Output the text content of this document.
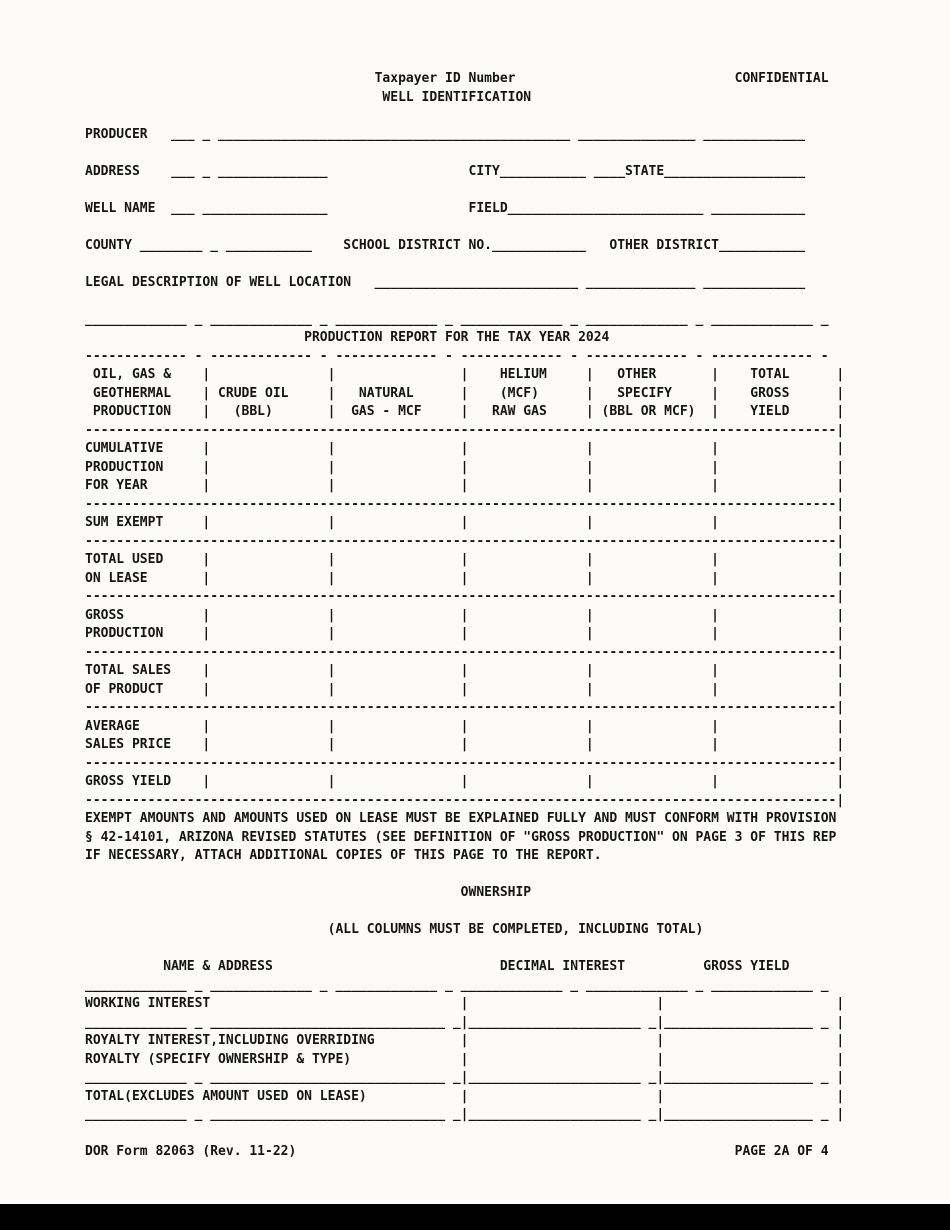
Taxpayer ID Number                            CONFIDENTIAL
WELL IDENTIFICATION
PRODUCER   ___ _ _____________________________________________ _______________ _____________
ADDRESS    ___ _ ______________                  CITY___________ ____STATE__________________
WELL NAME  ___ ________________                  FIELD_________________________ ____________
COUNTY ________ _ ___________    SCHOOL DISTRICT NO.____________   OTHER DISTRICT___________
LEGAL DESCRIPTION OF WELL LOCATION   __________________________ ______________ _____________
_____________ _ _____________ _ _____________ _ _____________ _ _____________ _ _____________ _
PRODUCTION REPORT FOR THE TAX YEAR 2024
------------- - ------------- - ------------- - ------------- - ------------- - ------------- -
OIL, GAS &    |               |                |    HELIUM     |   OTHER       |    TOTAL      |
GEOTHERMAL    | CRUDE OIL     |   NATURAL      |    (MCF)      |   SPECIFY     |    GROSS      |
PRODUCTION    |   (BBL)       |  GAS - MCF     |   RAW GAS     | (BBL OR MCF)  |    YIELD      |
------------------------------------------------------------------------------------------------|
CUMULATIVE     |               |                |               |               |               |
PRODUCTION     |               |                |               |               |               |
FOR YEAR       |               |                |               |               |               |
------------------------------------------------------------------------------------------------|
SUM EXEMPT     |               |                |               |               |               |
------------------------------------------------------------------------------------------------|
TOTAL USED     |               |                |               |               |               |
ON LEASE       |               |                |               |               |               |
------------------------------------------------------------------------------------------------|
GROSS          |               |                |               |               |               |
PRODUCTION     |               |                |               |               |               |
------------------------------------------------------------------------------------------------|
TOTAL SALES    |               |                |               |               |               |
OF PRODUCT     |               |                |               |               |               |
------------------------------------------------------------------------------------------------|
AVERAGE        |               |                |               |               |               |
SALES PRICE    |               |                |               |               |               |
------------------------------------------------------------------------------------------------|
GROSS YIELD    |               |                |               |               |               |
------------------------------------------------------------------------------------------------|
EXEMPT AMOUNTS AND AMOUNTS USED ON LEASE MUST BE EXPLAINED FULLY AND MUST CONFORM WITH PROVISION
§ 42-14101, ARIZONA REVISED STATUTES (SEE DEFINITION OF "GROSS PRODUCTION" ON PAGE 3 OF THIS REP
IF NECESSARY, ATTACH ADDITIONAL COPIES OF THIS PAGE TO THE REPORT.
OWNERSHIP
(ALL COLUMNS MUST BE COMPLETED, INCLUDING TOTAL)
NAME & ADDRESS                             DECIMAL INTEREST          GROSS YIELD
_____________ _ _____________ _ _____________ _ _____________ _ _____________ _ _____________ _
WORKING INTEREST                                |                        |                      |
_____________ _ ______________________________ _|______________________ _|___________________ _ |
ROYALTY INTEREST,INCLUDING OVERRIDING           |                        |                      |
ROYALTY (SPECIFY OWNERSHIP & TYPE)              |                        |                      |
_____________ _ ______________________________ _|______________________ _|___________________ _ |
TOTAL(EXCLUDES AMOUNT USED ON LEASE)            |                        |                      |
_____________ _ ______________________________ _|______________________ _|___________________ _ |
DOR Form 82063 (Rev. 11-22)                                                        PAGE 2A OF 4
